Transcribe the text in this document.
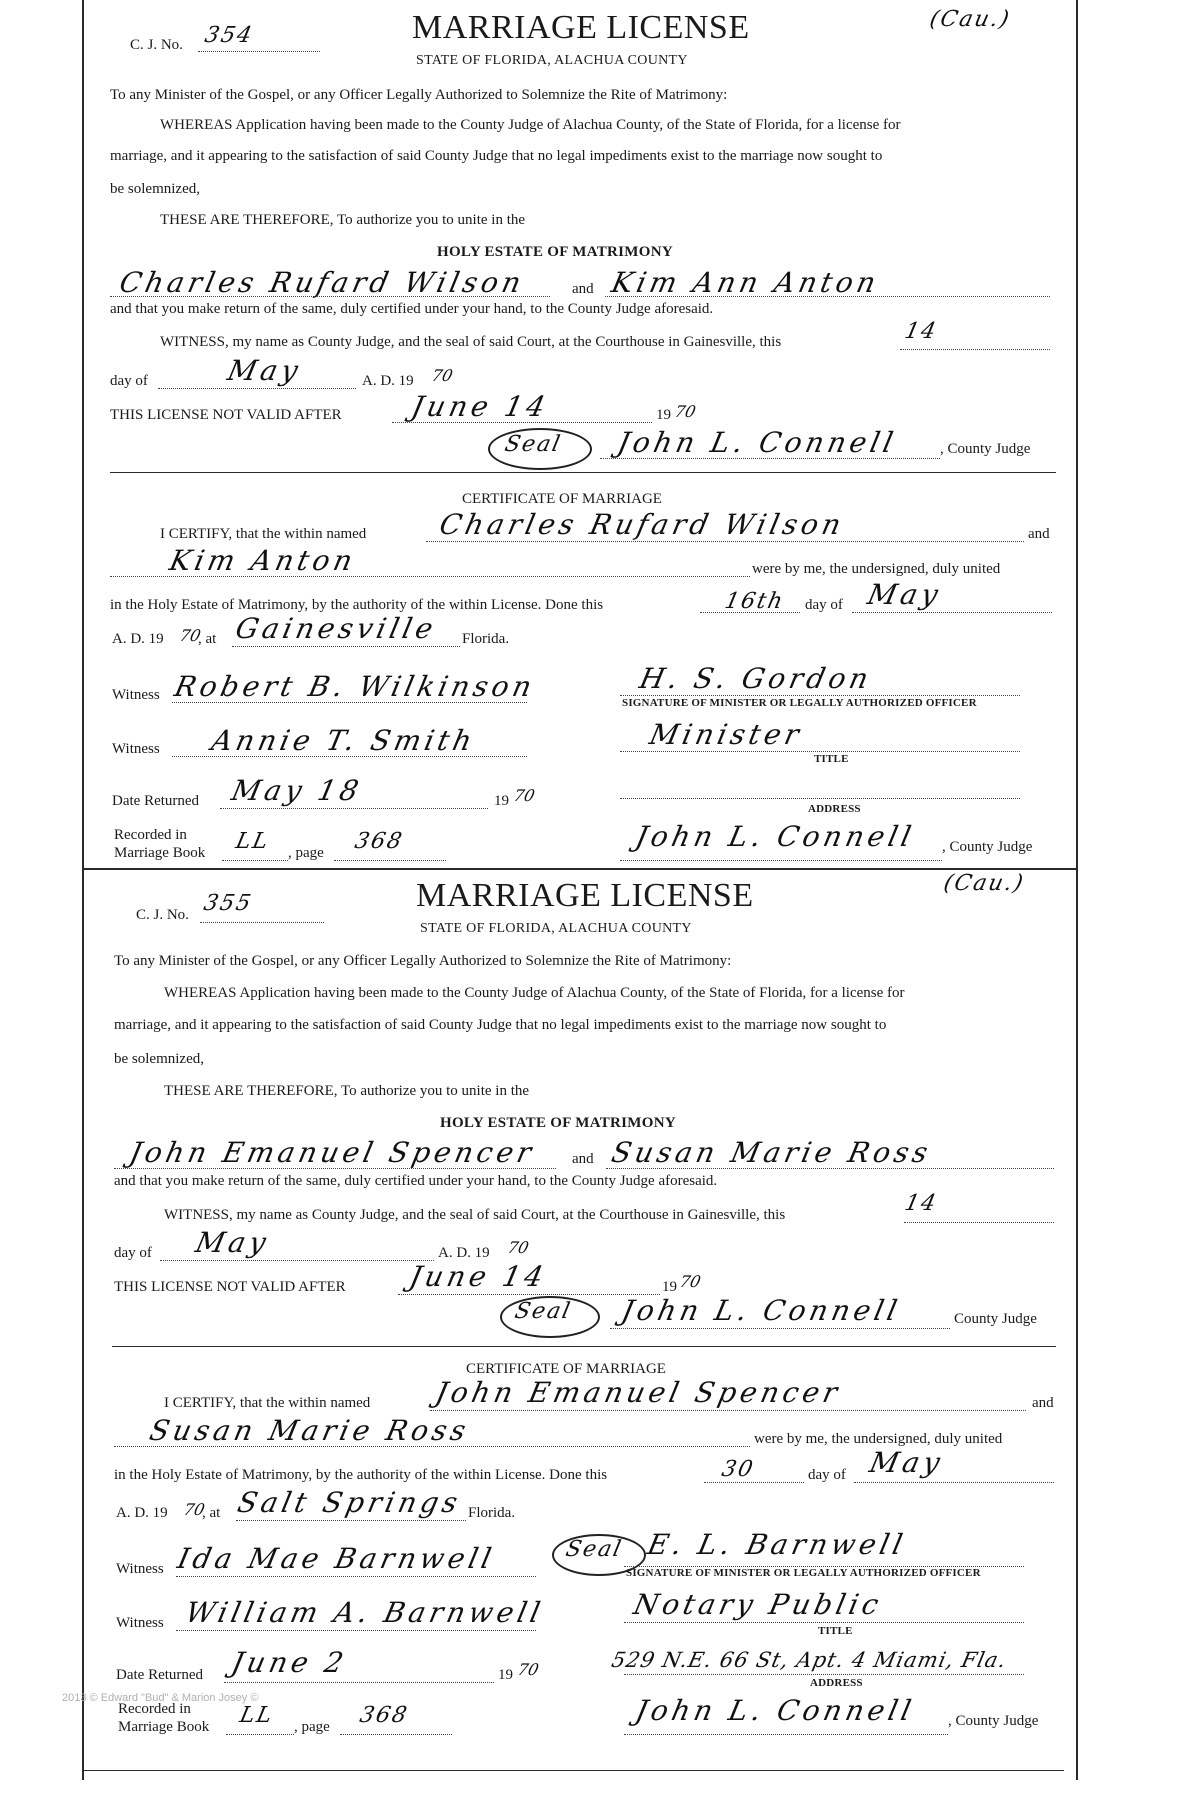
C. J. No. 354
(Cau.)
MARRIAGE LICENSE
STATE OF FLORIDA, ALACHUA COUNTY
To any Minister of the Gospel, or any Officer Legally Authorized to Solemnize the Rite of Matrimony:
WHEREAS Application having been made to the County Judge of Alachua County, of the State of Florida, for a license for
marriage, and it appearing to the satisfaction of said County Judge that no legal impediments exist to the marriage now sought to
be solemnized,
THESE ARE THEREFORE, To authorize you to unite in the
HOLY ESTATE OF MATRIMONY
Charles Rufard Wilson	and Kim Ann Anton
and that you make return of the same, duly certified under your hand, to the County Judge aforesaid.
WITNESS, my name as County Judge, and the seal of said Court, at the Courthouse in Gainesville, this	14
day of	May	A. D. 19 70
THIS LICENSE NOT VALID AFTER June 14	19 70
Seal John L. Connell	, County Judge
CERTIFICATE OF MARRIAGE
I CERTIFY, that the within named	Charles Rufard Wilson	and
Kim Anton	were by me, the undersigned, duly united
in the Holy Estate of Matrimony, by the authority of the within License. Done this	16th day of May
A. D. 19 70
, at Gainesville Florida.
Witness Robert B. Wilkinson	H. S. Gordon
SIGNATURE OF MINISTER OR LEGALLY AUTHORIZED OFFICER
Witness Annie T. Smith	Minister
TITLE
Date Returned May 18	19 70
ADDRESS
Recorded in
Marriage Book LL , page 368	John L. Connell , County Judge
C. J. No. 355
(Cau.)
MARRIAGE LICENSE
STATE OF FLORIDA, ALACHUA COUNTY
To any Minister of the Gospel, or any Officer Legally Authorized to Solemnize the Rite of Matrimony:
WHEREAS Application having been made to the County Judge of Alachua County, of the State of Florida, for a license for
marriage, and it appearing to the satisfaction of said County Judge that no legal impediments exist to the marriage now sought to
be solemnized,
THESE ARE THEREFORE, To authorize you to unite in the
HOLY ESTATE OF MATRIMONY
John Emanuel Spencer and Susan Marie Ross
and that you make return of the same, duly certified under your hand, to the County Judge aforesaid.
WITNESS, my name as County Judge, and the seal of said Court, at the Courthouse in Gainesville, this	14
day of May	A. D. 19 70
THIS LICENSE NOT VALID AFTER June 14	19 70
Seal John L. Connell	County Judge
CERTIFICATE OF MARRIAGE
I CERTIFY, that the within named John Emanuel Spencer	and
Susan Marie Ross	were by me, the undersigned, duly united
in the Holy Estate of Matrimony, by the authority of the within License. Done this	30	day of May
A. D. 19 70
, at Salt Springs Florida.
Witness Ida Mae Barnwell	Seal E. L. Barnwell
SIGNATURE OF MINISTER OR LEGALLY AUTHORIZED OFFICER
Witness William A. Barnwell	Notary Public
TITLE
Date Returned June 2	19 70	529 N.E. 66 St, Apt. 4 Miami, Fla.
ADDRESS
Recorded in
Marriage Book LL , page 368	John L. Connell , County Judge
2013 © Edward "Bud" & Marion Josey ©
